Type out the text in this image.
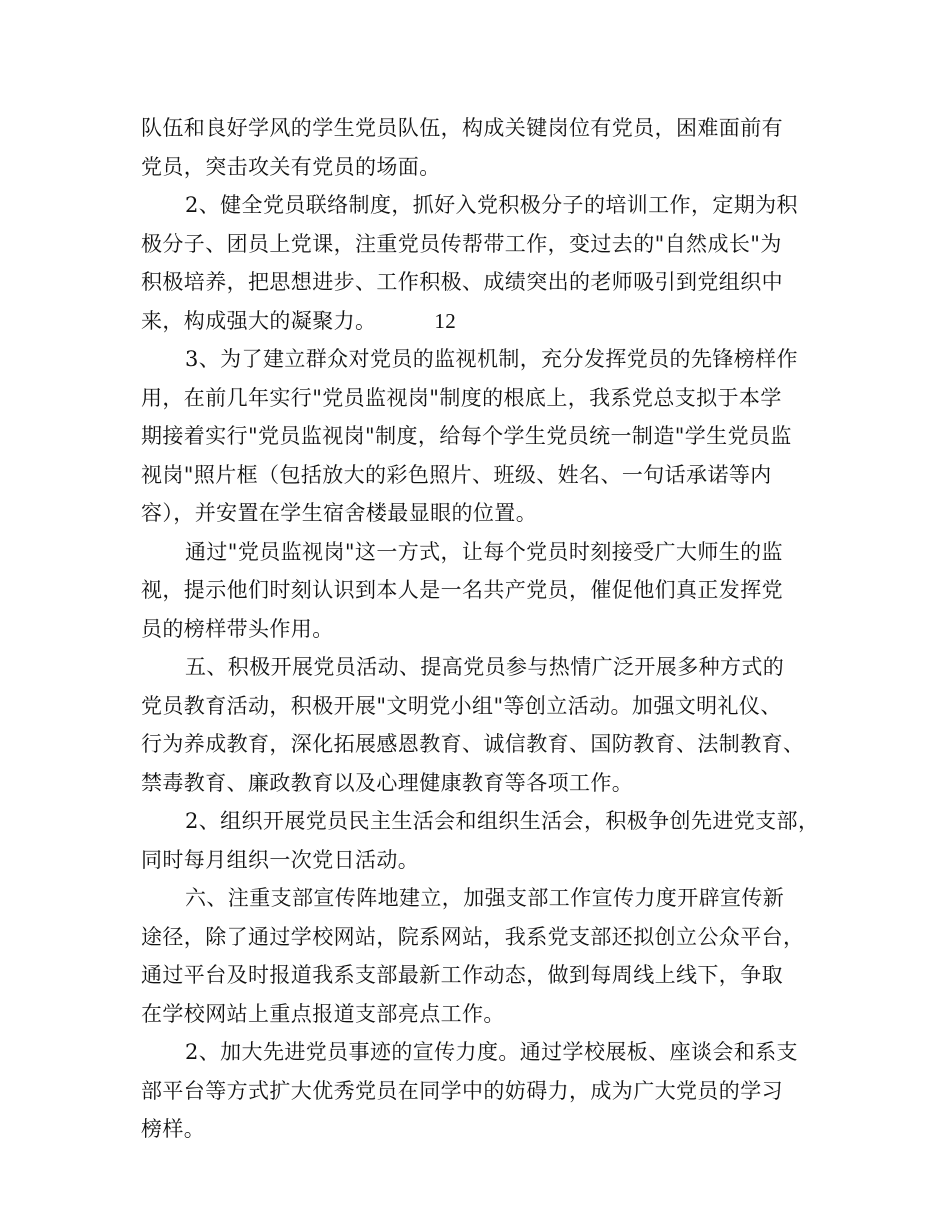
队伍和良好学风的学生党员队伍，构成关键岗位有党员，困难面前有
党员，突击攻关有党员的场面。
2、健全党员联络制度，抓好入党积极分子的培训工作，定期为积
极分子、团员上党课，注重党员传帮带工作，变过去的"自然成长"为
积极培养，把思想进步、工作积极、成绩突出的老师吸引到党组织中
来，构成强大的凝聚力。	12
3、为了建立群众对党员的监视机制，充分发挥党员的先锋榜样作
用，在前几年实行"党员监视岗"制度的根底上，我系党总支拟于本学
期接着实行"党员监视岗"制度，给每个学生党员统一制造"学生党员监
视岗"照片框（包括放大的彩色照片、班级、姓名、一句话承诺等内
容），并安置在学生宿舍楼最显眼的位置。
通过"党员监视岗"这一方式，让每个党员时刻接受广大师生的监
视，提示他们时刻认识到本人是一名共产党员，催促他们真正发挥党
员的榜样带头作用。
五、积极开展党员活动、提高党员参与热情广泛开展多种方式的
党员教育活动，积极开展"文明党小组"等创立活动。加强文明礼仪、
行为养成教育，深化拓展感恩教育、诚信教育、国防教育、法制教育、
禁毒教育、廉政教育以及心理健康教育等各项工作。
2、组织开展党员民主生活会和组织生活会，积极争创先进党支部，
同时每月组织一次党日活动。
六、注重支部宣传阵地建立，加强支部工作宣传力度开辟宣传新
途径，除了通过学校网站，院系网站，我系党支部还拟创立公众平台，
通过平台及时报道我系支部最新工作动态，做到每周线上线下，争取
在学校网站上重点报道支部亮点工作。
2、加大先进党员事迹的宣传力度。通过学校展板、座谈会和系支
部平台等方式扩大优秀党员在同学中的妨碍力，成为广大党员的学习
榜样。
